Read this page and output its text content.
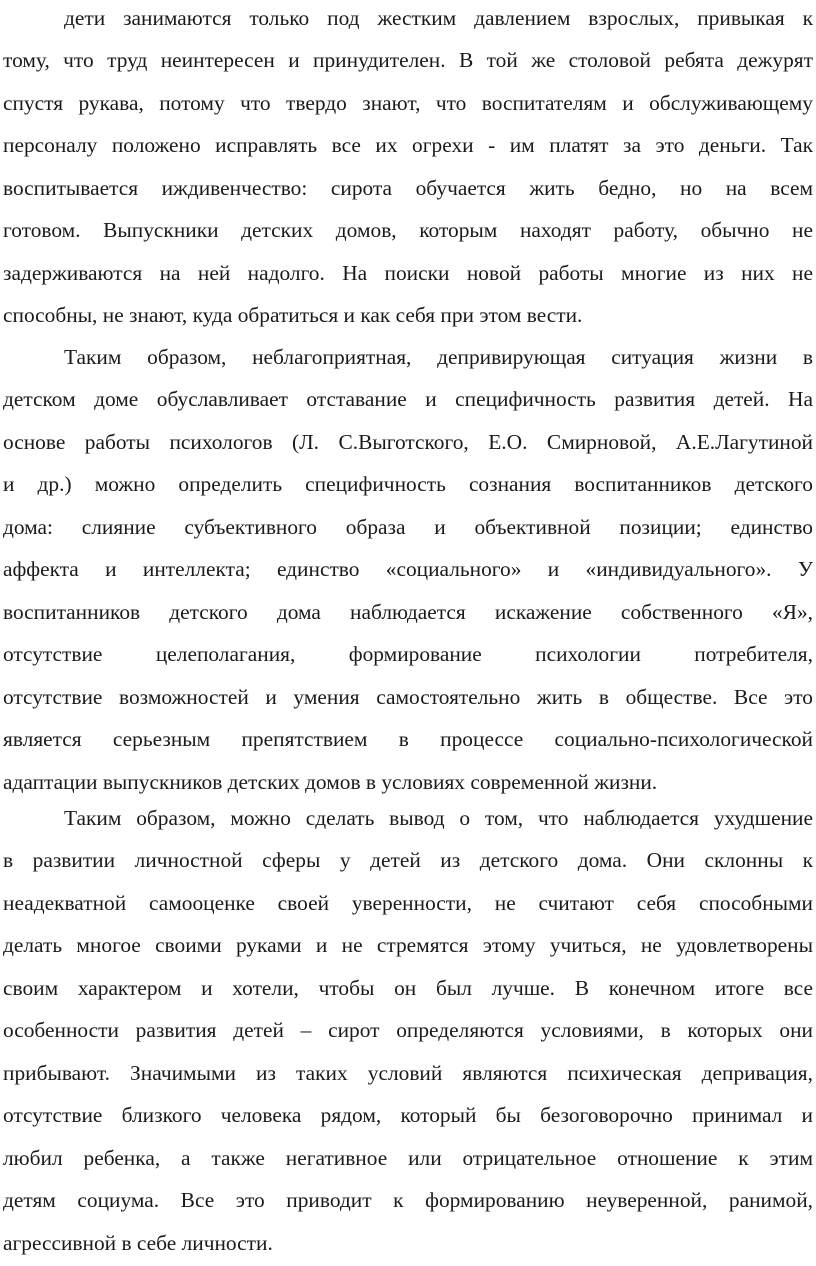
дети занимаются только под жестким давлением взрослых, привыкая к
тому, что труд неинтересен и принудителен. В той же столовой ребята дежурят
спустя рукава, потому что твердо знают, что воспитателям и обслуживающему
персоналу положено исправлять все их огрехи - им платят за это деньги. Так
воспитывается иждивенчество: сирота обучается жить бедно, но на всем
готовом. Выпускники детских домов, которым находят работу, обычно не
задерживаются на ней надолго. На поиски новой работы многие из них не
способны, не знают, куда обратиться и как себя при этом вести.
Таким образом, неблагоприятная, депривирующая ситуация жизни в
детском доме обуславливает отставание и специфичность развития детей. На
основе работы психологов (Л. С.Выготского, Е.О. Смирновой, А.Е.Лагутиной
и др.) можно определить специфичность сознания воспитанников детского
дома: слияние субъективного образа и объективной позиции; единство
аффекта и интеллекта; единство «социального» и «индивидуального». У
воспитанников детского дома наблюдается искажение собственного «Я»,
отсутствие целеполагания, формирование психологии потребителя,
отсутствие возможностей и умения самостоятельно жить в обществе. Все это
является серьезным препятствием в процессе социально-психологической
адаптации выпускников детских домов в условиях современной жизни.
Таким образом, можно сделать вывод о том, что наблюдается ухудшение
в развитии личностной сферы у детей из детского дома. Они склонны к
неадекватной самооценке своей уверенности, не считают себя способными
делать многое своими руками и не стремятся этому учиться, не удовлетворены
своим характером и хотели, чтобы он был лучше. В конечном итоге все
особенности развития детей – сирот определяются условиями, в которых они
прибывают. Значимыми из таких условий являются психическая депривация,
отсутствие близкого человека рядом, который бы безоговорочно принимал и
любил ребенка, а также негативное или отрицательное отношение к этим
детям социума. Все это приводит к формированию неуверенной, ранимой,
агрессивной в себе личности.
